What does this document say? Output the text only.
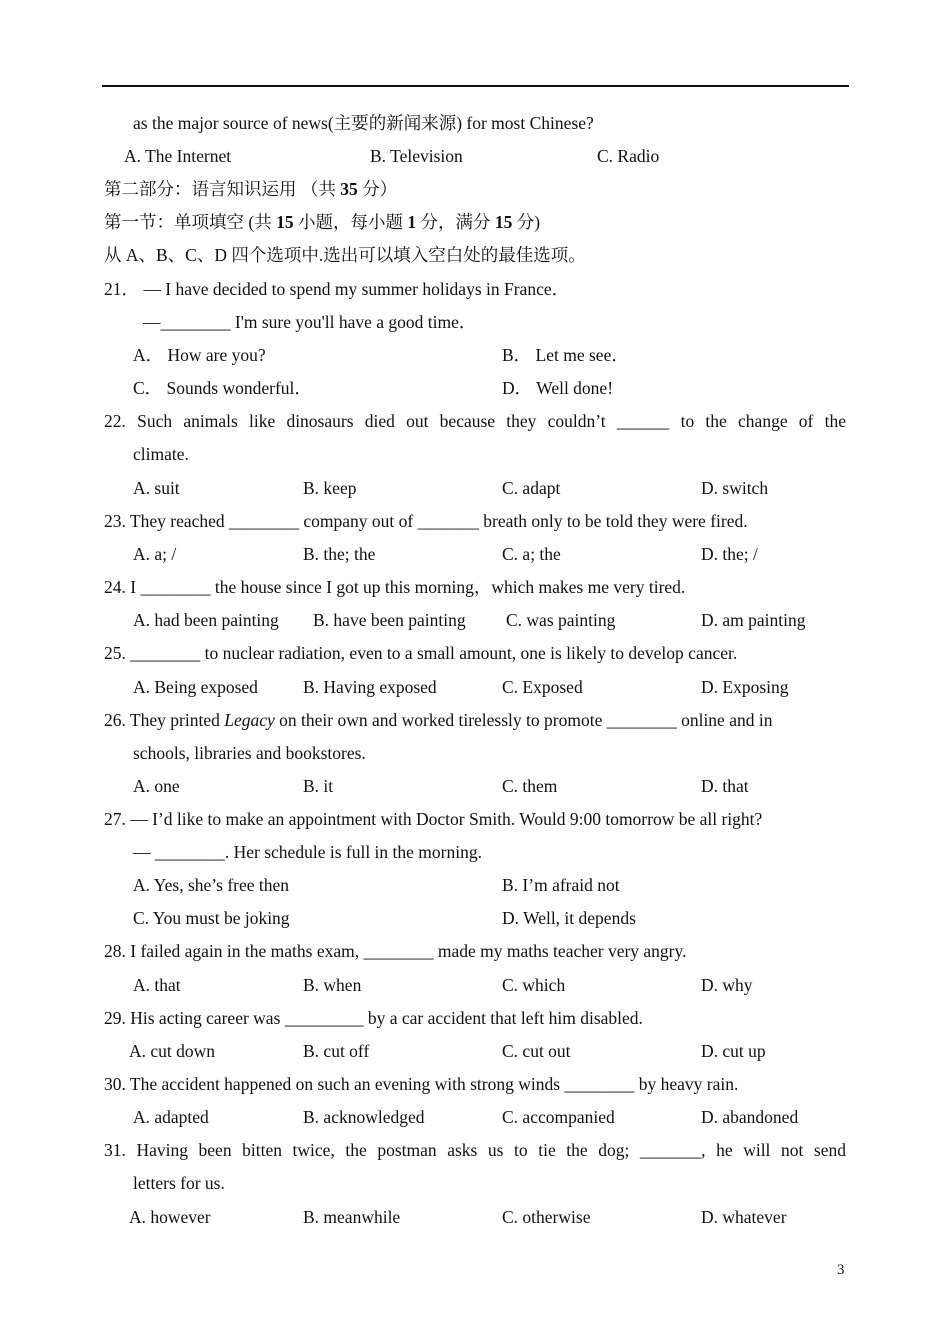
as the major source of news(主要的新闻来源) for most Chinese?
A. The Internet	B. Television	C. Radio
第二部分：语言知识运用 （共 35 分）
第一节：单项填空 (共 15 小题，每小题 1 分，满分 15 分)
从 A、B、C、D 四个选项中.选出可以填入空白处的最佳选项。
21． — I have decided to spend my summer holidays in France．
—________ I'm sure you'll have a good time．
A． How are you?	B． Let me see．
C． Sounds wonderful．	D． Well done!
22. Such animals like dinosaurs died out because they couldn’t ______ to the change of the
climate.
A. suit	B. keep	C. adapt	D. switch
23. They reached ________ company out of _______ breath only to be told they were fired.
A. a; /	B. the; the	C. a; the	D. the; /
24. I ________ the house since I got up this morning，which makes me very tired.
A. had been painting B. have been painting C. was painting	D. am painting
25. ________ to nuclear radiation, even to a small amount, one is likely to develop cancer.
A. Being exposed	B. Having exposed	C. Exposed	D. Exposing
26. They printed Legacy on their own and worked tirelessly to promote ________ online and in
schools, libraries and bookstores.
A. one	B. it	C. them	D. that
27. — I’d like to make an appointment with Doctor Smith. Would 9:00 tomorrow be all right?
— ________. Her schedule is full in the morning.
A. Yes, she’s free then	B. I’m afraid not
C. You must be joking	D. Well, it depends
28. I failed again in the maths exam, ________ made my maths teacher very angry.
A. that	B. when	C. which	D. why
29. His acting career was _________ by a car accident that left him disabled.
A. cut down	B. cut off	C. cut out	D. cut up
30. The accident happened on such an evening with strong winds ________ by heavy rain.
A. adapted	B. acknowledged	C. accompanied	D. abandoned
31. Having been bitten twice, the postman asks us to tie the dog; _______, he will not send
letters for us.
A. however	B. meanwhile	C. otherwise	D. whatever
3
